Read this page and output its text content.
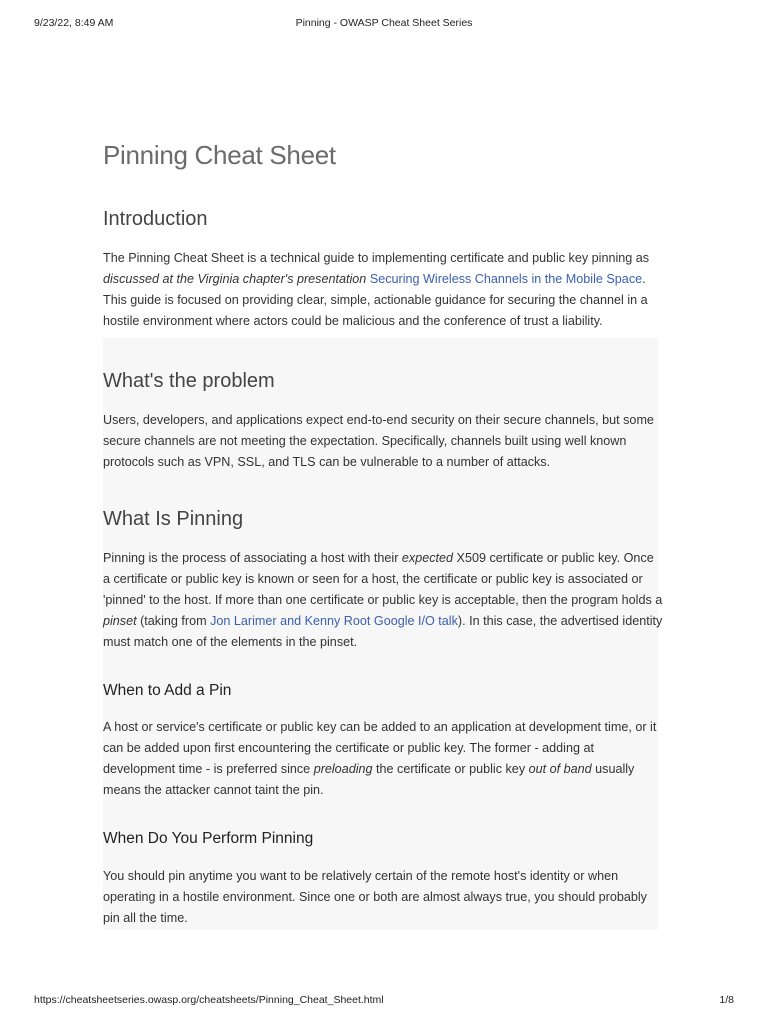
9/23/22, 8:49 AM	Pinning - OWASP Cheat Sheet Series
Pinning Cheat Sheet
Introduction

The Pinning Cheat Sheet is a technical guide to implementing certificate and public key pinning as discussed at the Virginia chapter's presentation Securing Wireless Channels in the Mobile Space. This guide is focused on providing clear, simple, actionable guidance for securing the channel in a hostile environment where actors could be malicious and the conference of trust a liability.

What's the problem

Users, developers, and applications expect end-to-end security on their secure channels, but some secure channels are not meeting the expectation. Specifically, channels built using well known protocols such as VPN, SSL, and TLS can be vulnerable to a number of attacks.

What Is Pinning

Pinning is the process of associating a host with their expected X509 certificate or public key. Once a certificate or public key is known or seen for a host, the certificate or public key is associated or 'pinned' to the host. If more than one certificate or public key is acceptable, then the program holds a pinset (taking from Jon Larimer and Kenny Root Google I/O talk). In this case, the advertised identity must match one of the elements in the pinset.

When to Add a Pin

A host or service's certificate or public key can be added to an application at development time, or it can be added upon first encountering the certificate or public key. The former - adding at development time - is preferred since preloading the certificate or public key out of band usually means the attacker cannot taint the pin.

When Do You Perform Pinning

You should pin anytime you want to be relatively certain of the remote host's identity or when operating in a hostile environment. Since one or both are almost always true, you should probably pin all the time.

https://cheatsheetseries.owasp.org/cheatsheets/Pinning_Cheat_Sheet.html	1/8
